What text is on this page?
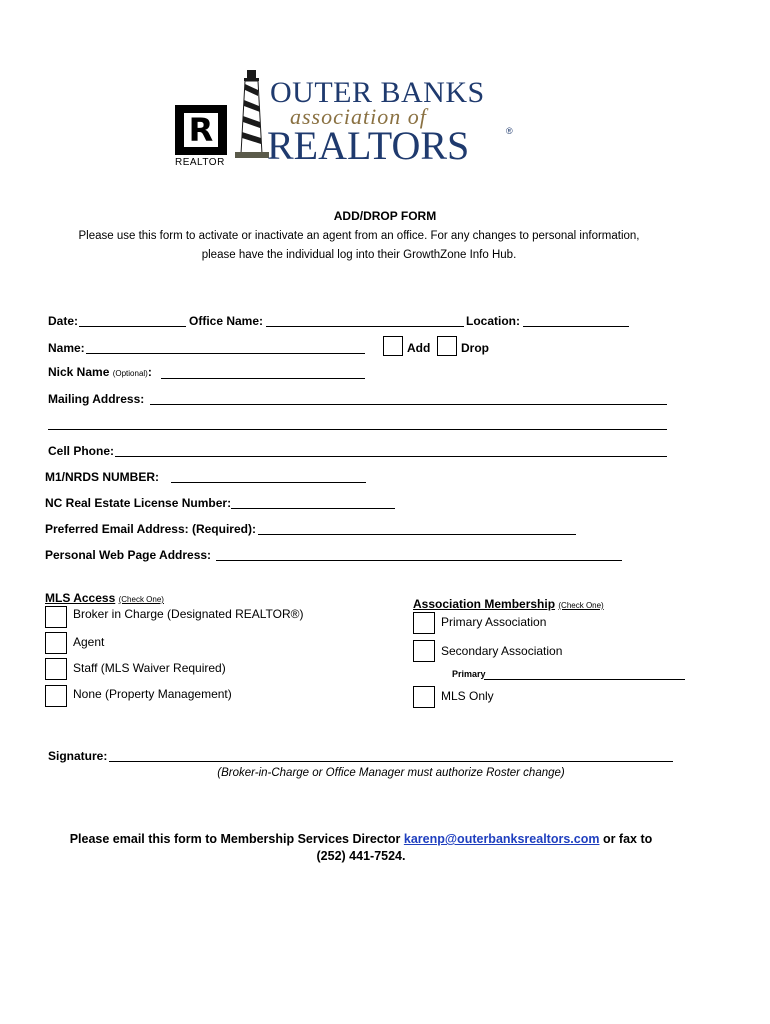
R
REALTOR
OUTER BANKS
association of
REALTORS	®
ADD/DROP FORM
Please use this form to activate or inactivate an agent from an office. For any changes to personal information,
please have the individual log into their GrowthZone Info Hub.
Date:	Office Name:	Location:
Name:	Add	Drop
Nick Name (Optional):
Mailing Address:
Cell Phone:
M1/NRDS NUMBER:
NC Real Estate License Number:
Preferred Email Address: (Required):
Personal Web Page Address:
MLS Access (Check One)
Broker in Charge (Designated REALTOR®)
Agent
Staff (MLS Waiver Required)
None (Property Management)
Association Membership (Check One)
Primary Association
Secondary Association
Primary
MLS Only
Signature:
(Broker-in-Charge or Office Manager must authorize Roster change)
Please email this form to Membership Services Director karenp@outerbanksrealtors.com or fax to
(252) 441-7524.
